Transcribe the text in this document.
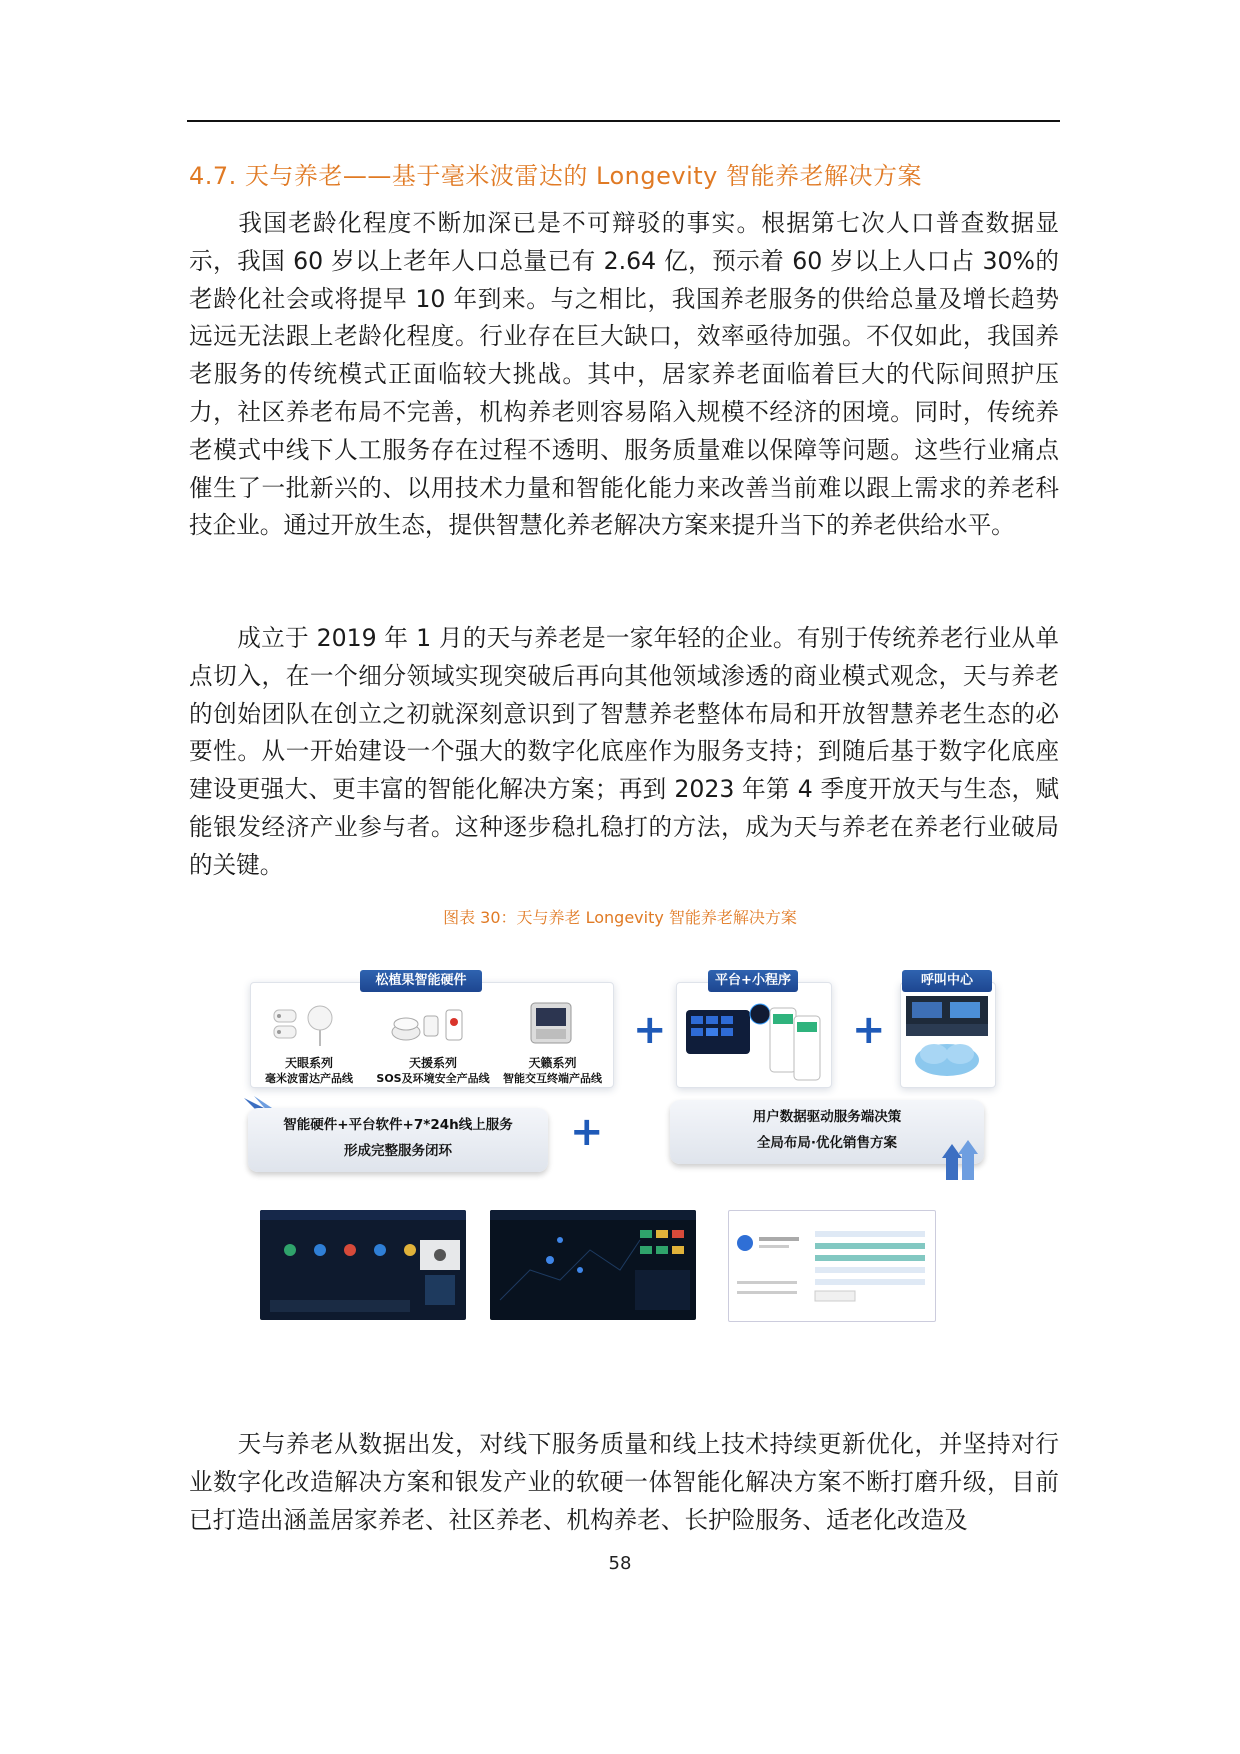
4.7. 天与养老——基于毫米波雷达的 Longevity 智能养老解决方案

我国老龄化程度不断加深已是不可辩驳的事实。根据第七次人口普查数据显示，我国 60 岁以上老年人口总量已有 2.64 亿，预示着 60 岁以上人口占 30%的老龄化社会或将提早 10 年到来。与之相比，我国养老服务的供给总量及增长趋势远远无法跟上老龄化程度。行业存在巨大缺口，效率亟待加强。不仅如此，我国养老服务的传统模式正面临较大挑战。其中，居家养老面临着巨大的代际间照护压力，社区养老布局不完善，机构养老则容易陷入规模不经济的困境。同时，传统养老模式中线下人工服务存在过程不透明、服务质量难以保障等问题。这些行业痛点催生了一批新兴的、以用技术力量和智能化能力来改善当前难以跟上需求的养老科技企业。通过开放生态，提供智慧化养老解决方案来提升当下的养老供给水平。

成立于 2019 年 1 月的天与养老是一家年轻的企业。有别于传统养老行业从单点切入，在一个细分领域实现突破后再向其他领域渗透的商业模式观念，天与养老的创始团队在创立之初就深刻意识到了智慧养老整体布局和开放智慧养老生态的必要性。从一开始建设一个强大的数字化底座作为服务支持；到随后基于数字化底座建设更强大、更丰富的智能化解决方案；再到 2023 年第 4 季度开放天与生态，赋能银发经济产业参与者。这种逐步稳扎稳打的方法，成为天与养老在养老行业破局的关键。

图表 30：天与养老 Longevity 智能养老解决方案
松植果智能硬件
天眼系列
毫米波雷达产品线
天援系列
SOS及环境安全产品线
天籁系列
智能交互终端产品线
+
平台+小程序
+
呼叫中心
智能硬件+平台软件+7*24h线上服务
形成完整服务闭环	+	用户数据驱动服务端决策
全局布局·优化销售方案

天与养老从数据出发，对线下服务质量和线上技术持续更新优化，并坚持对行业数字化改造解决方案和银发产业的软硬一体智能化解决方案不断打磨升级，目前已打造出涵盖居家养老、社区养老、机构养老、长护险服务、适老化改造及

58
